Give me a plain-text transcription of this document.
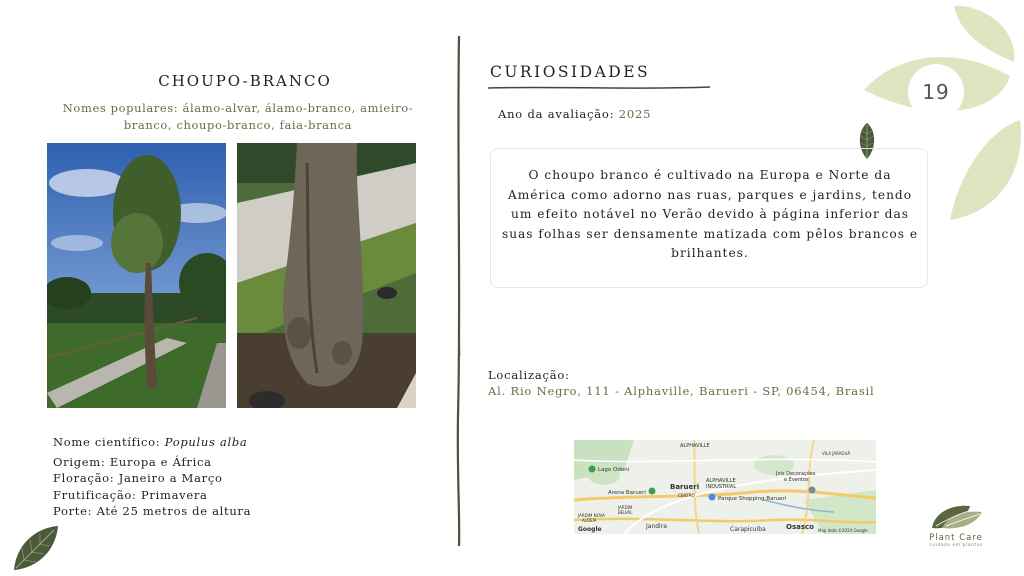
19
CHOUPO-BRANCO
Nomes populares: álamo-alvar, álamo-branco, amieiro-branco, choupo-branco, faia-branca
Nome científico: Populus alba
Origem: Europa e África
Floração: Janeiro a Março
Frutificação: Primavera
Porte: Até 25 metros de altura
CURIOSIDADES
Ano da avaliação: 2025
O choupo branco é cultivado na Europa e Norte da América como adorno nas ruas, parques e jardins, tendo um efeito notável no Verão devido à página inferior das suas folhas ser densamente matizada com pêlos brancos e brilhantes.
Localização:
Al. Rio Negro, 111 - Alphaville, Barueri - SP, 06454, Brasil
ALPHAVILLE
Lago Odoni
Arena Barueri
Barueri
ALPHAVILLE
INDUSTRIAL
Parque Shopping Barueri
Jois Decorações
e Eventos
VILA JARAGUÁ
JARDIM
BELVAL
JARDIM NOVA
ALDEIA
CENTRO
Jandira	Carapicuíba	Osasco
Google	Map data ©2024 Google
Plant Care
cuidado em plantas
